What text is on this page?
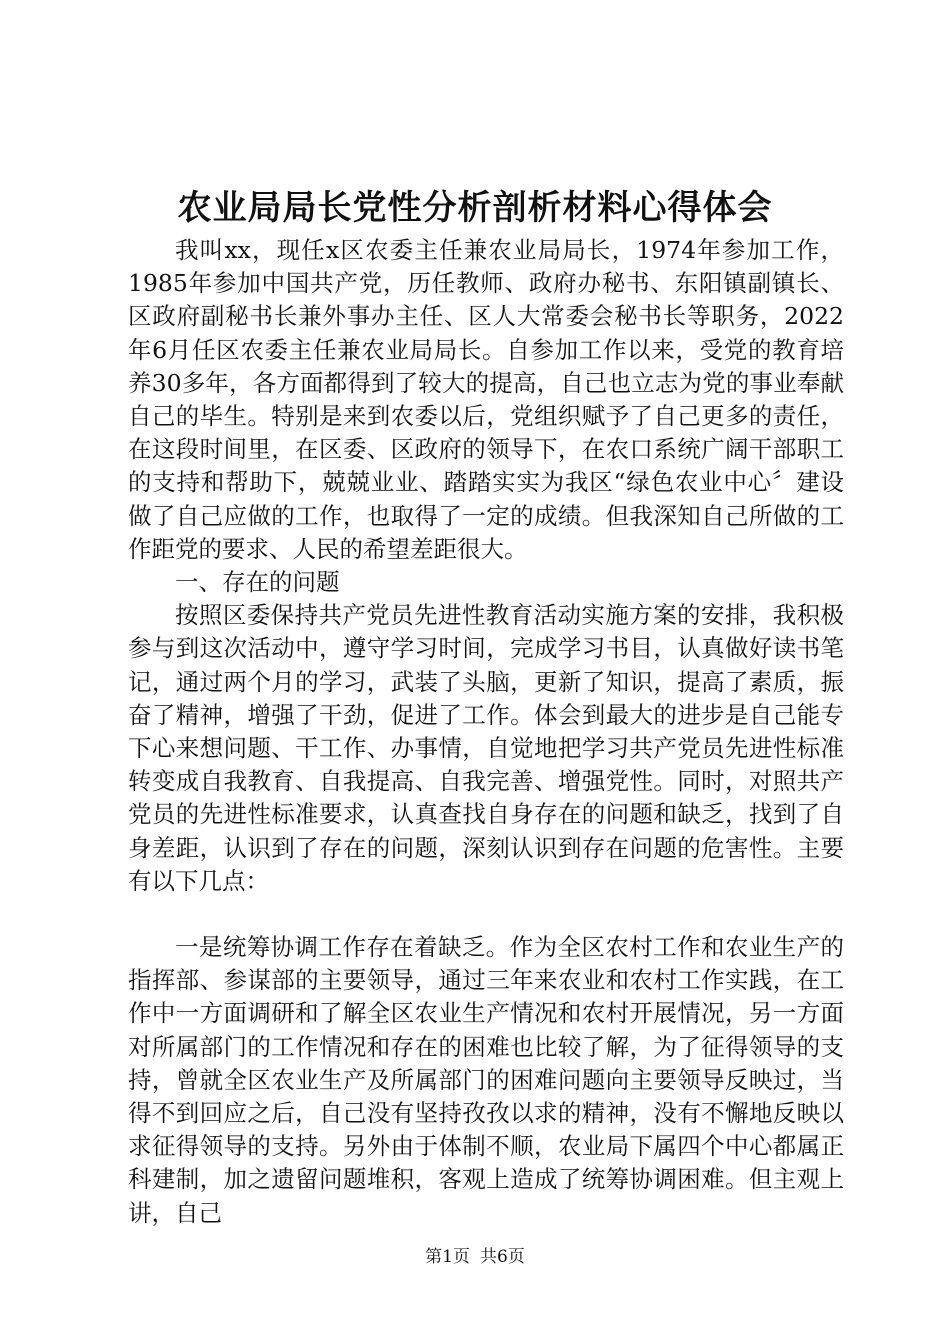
农业局局长党性分析剖析材料心得体会

我叫xx，现任x区农委主任兼农业局局长，1974年参加工作，1985年参加中国共产党，历任教师、政府办秘书、东阳镇副镇长、区政府副秘书长兼外事办主任、区人大常委会秘书长等职务，2022年6月任区农委主任兼农业局局长。自参加工作以来，受党的教育培养30多年，各方面都得到了较大的提高，自己也立志为党的事业奉献自己的毕生。特别是来到农委以后，党组织赋予了自己更多的责任，在这段时间里，在区委、区政府的领导下，在农口系统广阔干部职工的支持和帮助下，兢兢业业、踏踏实实为我区“绿色农业中心〞建设做了自己应做的工作，也取得了一定的成绩。但我深知自己所做的工作距党的要求、人民的希望差距很大。

一、存在的问题

按照区委保持共产党员先进性教育活动实施方案的安排，我积极参与到这次活动中，遵守学习时间，完成学习书目，认真做好读书笔记，通过两个月的学习，武装了头脑，更新了知识，提高了素质，振奋了精神，增强了干劲，促进了工作。体会到最大的进步是自己能专下心来想问题、干工作、办事情，自觉地把学习共产党员先进性标准转变成自我教育、自我提高、自我完善、增强党性。同时，对照共产党员的先进性标准要求，认真查找自身存在的问题和缺乏，找到了自身差距，认识到了存在的问题，深刻认识到存在问题的危害性。主要有以下几点：

一是统筹协调工作存在着缺乏。作为全区农村工作和农业生产的指挥部、参谋部的主要领导，通过三年来农业和农村工作实践，在工作中一方面调研和了解全区农业生产情况和农村开展情况，另一方面对所属部门的工作情况和存在的困难也比较了解，为了征得领导的支持，曾就全区农业生产及所属部门的困难问题向主要领导反映过，当得不到回应之后，自己没有坚持孜孜以求的精神，没有不懈地反映以求征得领导的支持。另外由于体制不顺，农业局下属四个中心都属正科建制，加之遗留问题堆积，客观上造成了统筹协调困难。但主观上讲，自己

第1页 共6页
